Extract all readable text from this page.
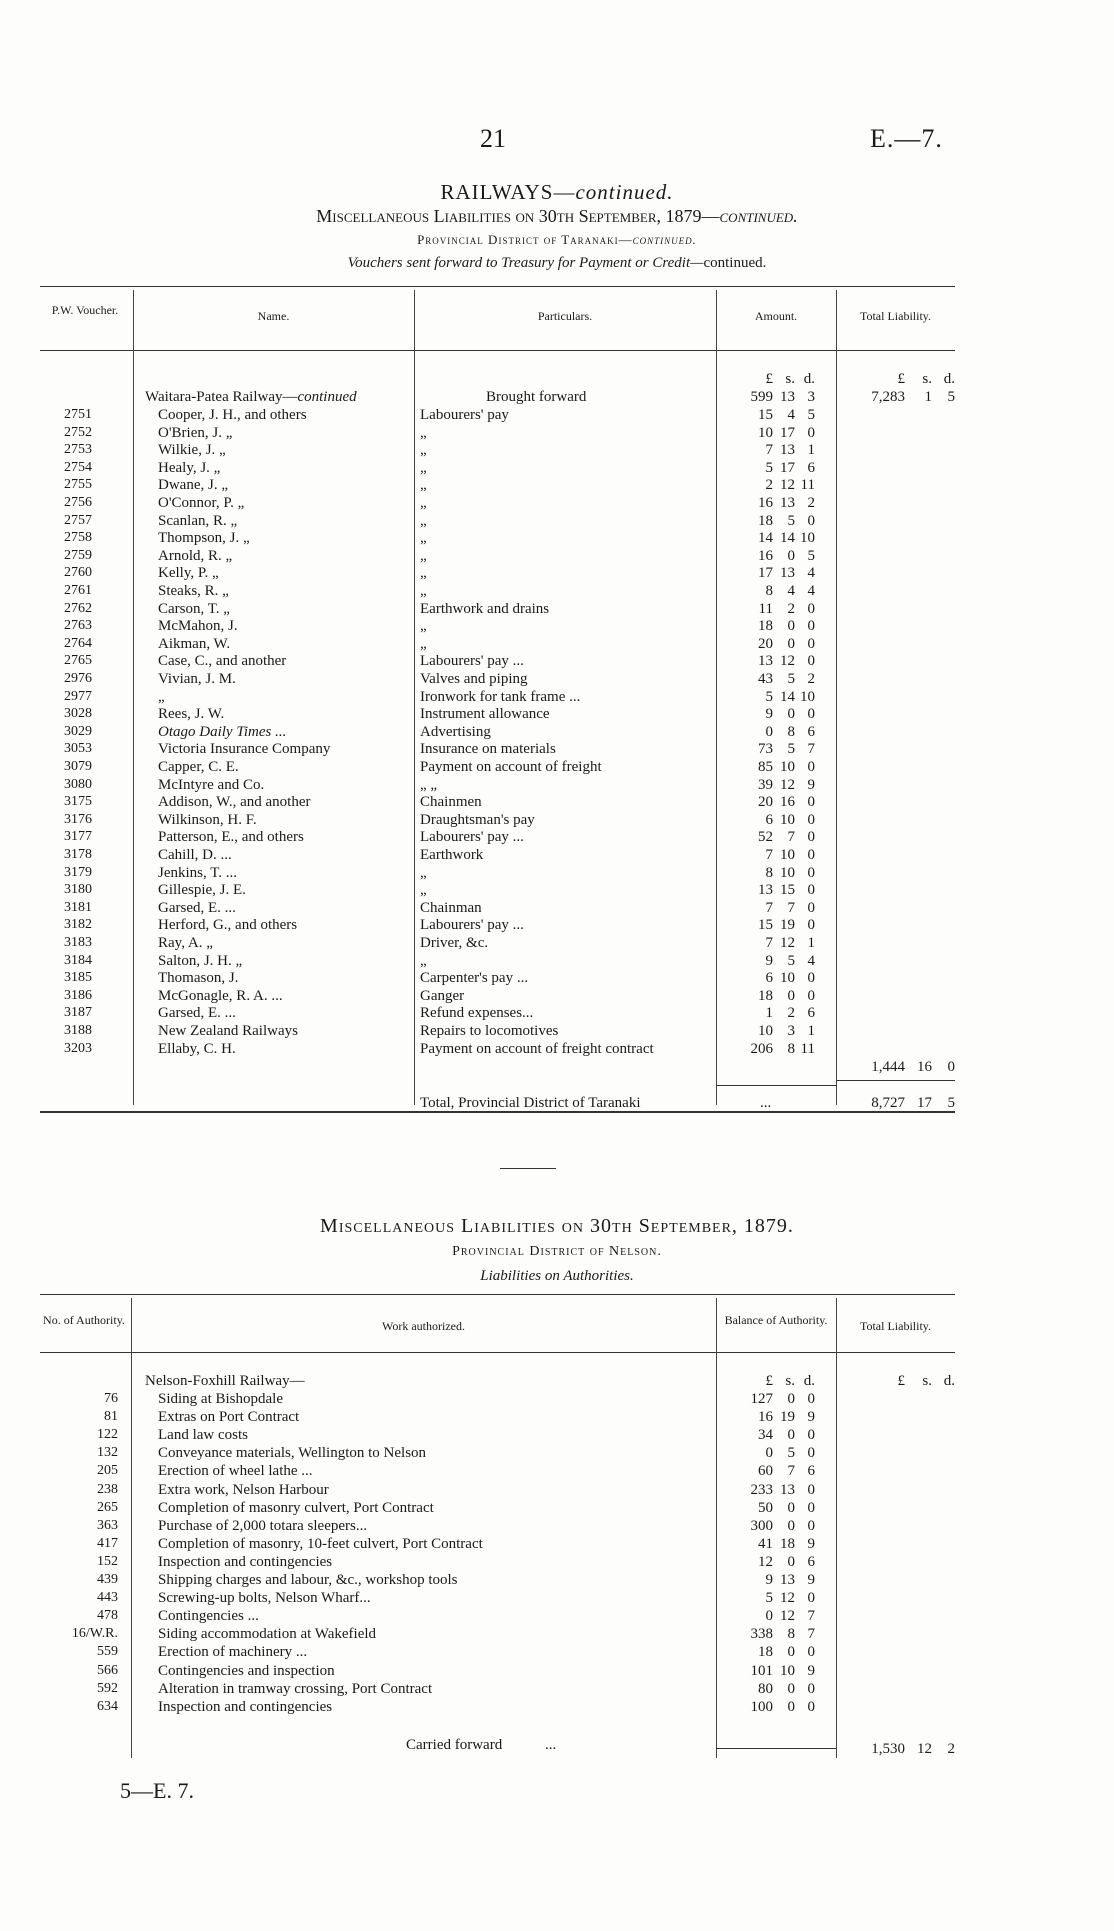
21	E.—7.
RAILWAYS—continued.
Miscellaneous Liabilities on 30th September, 1879—continued.
Provincial District of Taranaki—continued.
Vouchers sent forward to Treasury for Payment or Credit—continued.
P.W. Voucher.	Name.	Particulars.	Amount.	Total Liability.
£ s. d.	£	s. d.
Waitara-Patea Railway—continued	Brought forward	599 13 3	7,283	1	5
2751	Cooper, J. H., and others	Labourers' pay	15 4 5
2752	O'Brien, J. „	„	10 17 0
2753	Wilkie, J. „	„	7 13 1
2754	Healy, J. „	„	5 17 6
2755	Dwane, J. „	„	2 12 11
2756	O'Connor, P. „	„	16 13 2
2757	Scanlan, R. „	„	18 5 0
2758	Thompson, J. „	„	14 14 10
2759	Arnold, R. „	„	16 0 5
2760	Kelly, P. „	„	17 13 4
2761	Steaks, R. „	„	8 4 4
2762	Carson, T. „	Earthwork and drains	11 2 0
2763	McMahon, J.	„	18 0 0
2764	Aikman, W.	„	20 0 0
2765	Case, C., and another	Labourers' pay ...	13 12 0
2976	Vivian, J. M.	Valves and piping	43 5 2
2977	„	Ironwork for tank frame ...	5 14 10
3028	Rees, J. W.	Instrument allowance	9 0 0
3029	Otago Daily Times ...	Advertising	0 8 6
3053	Victoria Insurance Company	Insurance on materials	73 5 7
3079	Capper, C. E.	Payment on account of freight	85 10 0
3080	McIntyre and Co.	„ „	39 12 9
3175	Addison, W., and another	Chainmen	20 16 0
3176	Wilkinson, H. F.	Draughtsman's pay	6 10 0
3177	Patterson, E., and others	Labourers' pay ...	52 7 0
3178	Cahill, D. ...	Earthwork	7 10 0
3179	Jenkins, T. ...	„	8 10 0
3180	Gillespie, J. E.	„	13 15 0
3181	Garsed, E. ...	Chainman	7 7 0
3182	Herford, G., and others	Labourers' pay ...	15 19 0
3183	Ray, A. „	Driver, &c.	7 12 1
3184	Salton, J. H. „	„	9 5 4
3185	Thomason, J.	Carpenter's pay ...	6 10 0
3186	McGonagle, R. A. ...	Ganger	18 0 0
3187	Garsed, E. ...	Refund expenses...	1 2 6
3188	New Zealand Railways	Repairs to locomotives	10 3 1
3203	Ellaby, C. H.	Payment on account of freight contract	206 8 11
1,444 16	0
Total, Provincial District of Taranaki	...	8,727 17	5
Miscellaneous Liabilities on 30th September, 1879.
Provincial District of Nelson.
Liabilities on Authorities.
No. of Authority.	Work authorized.	Balance of Authority.	Total Liability.
Nelson-Foxhill Railway—	£ s. d.	£	s. d.
76	Siding at Bishopdale	127 0 0
81	Extras on Port Contract	16 19 9
122	Land law costs	34 0 0
132	Conveyance materials, Wellington to Nelson	0 5 0
205	Erection of wheel lathe ...	60 7 6
238	Extra work, Nelson Harbour	233 13 0
265	Completion of masonry culvert, Port Contract	50 0 0
363	Purchase of 2,000 totara sleepers...	300 0 0
417	Completion of masonry, 10-feet culvert, Port Contract	41 18 9
152	Inspection and contingencies	12 0 6
439	Shipping charges and labour, &c., workshop tools	9 13 9
443	Screwing-up bolts, Nelson Wharf...	5 12 0
478	Contingencies ...	0 12 7
16/W.R.	Siding accommodation at Wakefield	338 8 7
559	Erection of machinery ...	18 0 0
566	Contingencies and inspection	101 10 9
592	Alteration in tramway crossing, Port Contract	80 0 0
634	Inspection and contingencies	100 0 0
Carried forward	...	1,530 12	2
5—E. 7.
